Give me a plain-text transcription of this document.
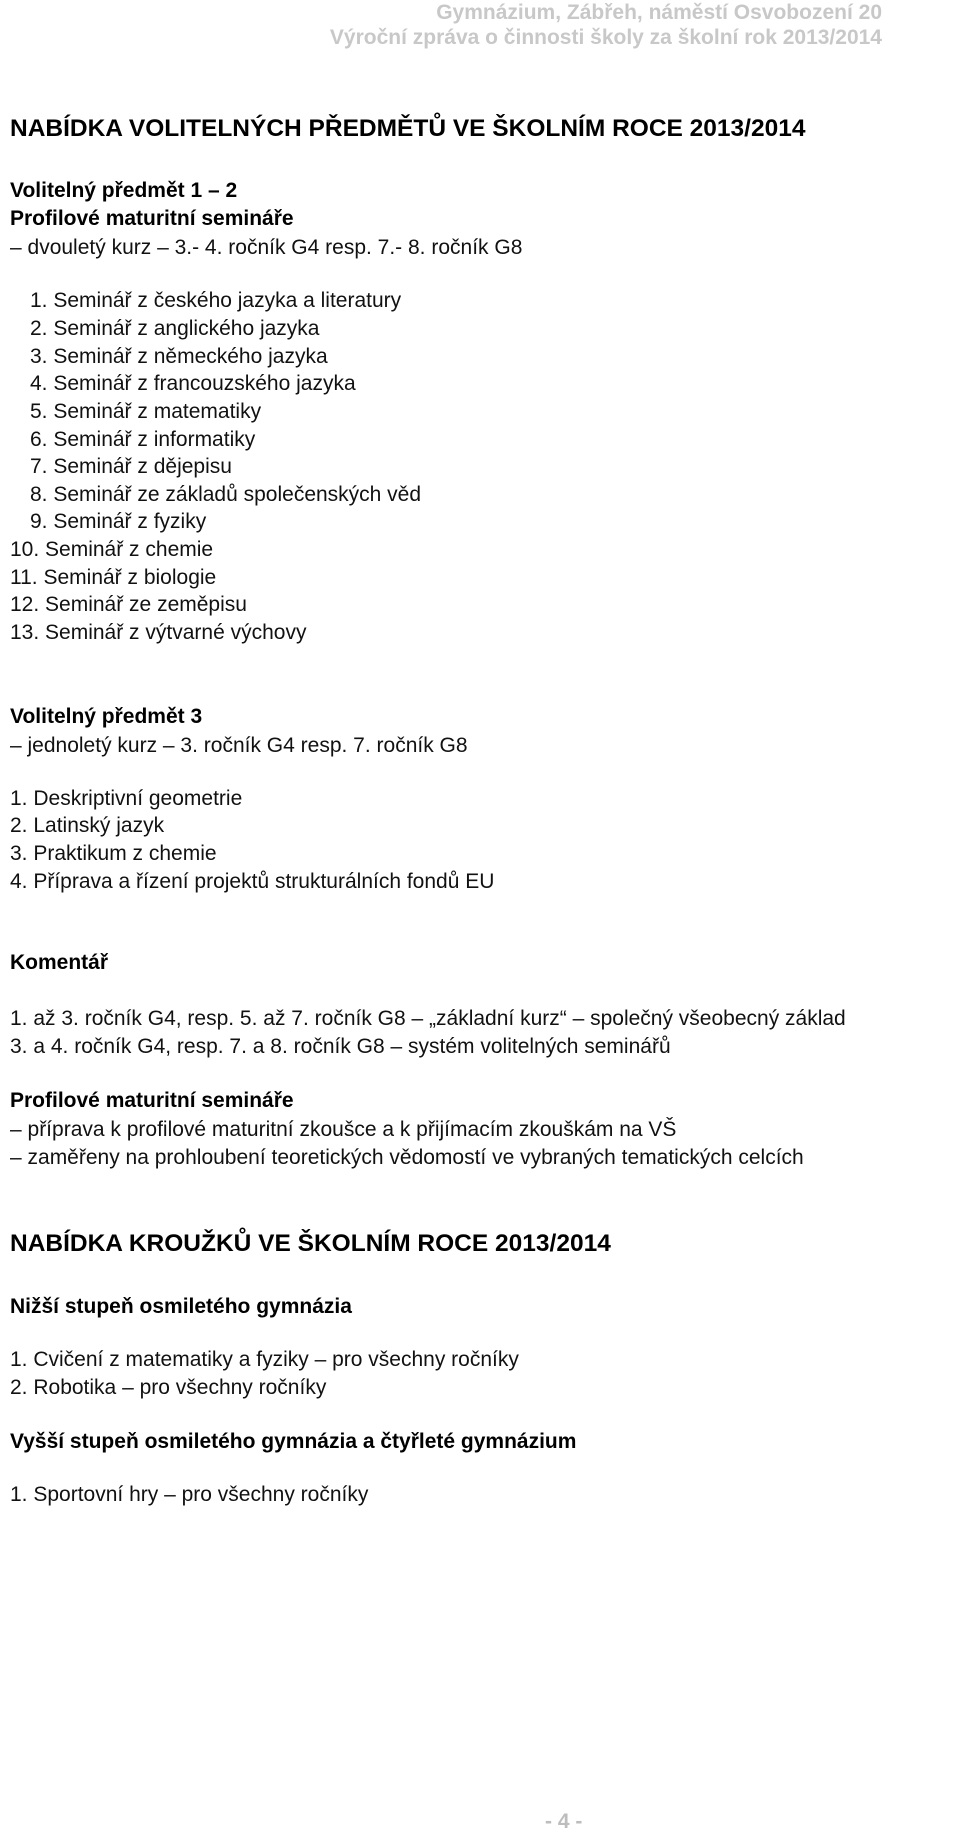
Gymnázium, Zábřeh, náměstí Osvobození 20
Výroční zpráva o činnosti školy za školní rok 2013/2014
NABÍDKA VOLITELNÝCH PŘEDMĚTŮ VE ŠKOLNÍM ROCE 2013/2014
Volitelný předmět 1 – 2
Profilové maturitní semináře
– dvouletý kurz – 3.- 4. ročník G4 resp. 7.- 8. ročník G8
1. Seminář z českého jazyka a literatury
2. Seminář z anglického jazyka
3. Seminář z německého jazyka
4. Seminář z francouzského jazyka
5. Seminář z matematiky
6. Seminář z informatiky
7. Seminář z dějepisu
8. Seminář ze základů společenských věd
9. Seminář z fyziky
10. Seminář z chemie
11. Seminář z biologie
12. Seminář ze zeměpisu
13. Seminář z výtvarné výchovy
Volitelný předmět 3
– jednoletý kurz – 3. ročník G4 resp. 7. ročník G8
1. Deskriptivní geometrie
2. Latinský jazyk
3. Praktikum z chemie
4. Příprava a řízení projektů strukturálních fondů EU
Komentář
1. až 3. ročník G4, resp. 5. až 7. ročník G8 – „základní kurz“ – společný všeobecný základ
3. a 4. ročník G4, resp. 7. a 8. ročník G8 – systém volitelných seminářů
Profilové maturitní semináře
– příprava k profilové maturitní zkoušce a k přijímacím zkouškám na VŠ
– zaměřeny na prohloubení teoretických vědomostí ve vybraných tematických celcích
NABÍDKA KROUŽKŮ VE ŠKOLNÍM ROCE 2013/2014
Nižší stupeň osmiletého gymnázia
1. Cvičení z matematiky a fyziky – pro všechny ročníky
2. Robotika – pro všechny ročníky
Vyšší stupeň osmiletého gymnázia a čtyřleté gymnázium
1. Sportovní hry – pro všechny ročníky
- 4 -
